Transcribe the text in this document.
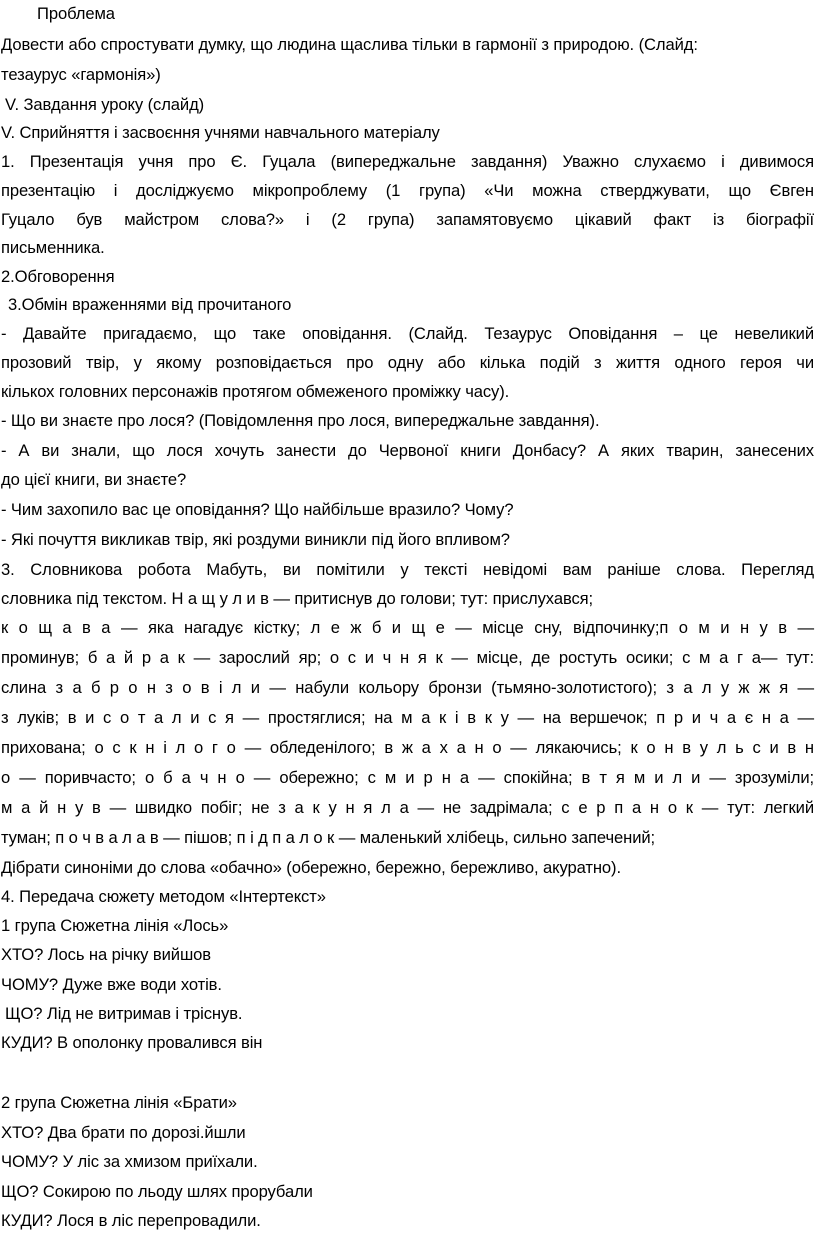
Проблема
Довести або спростувати думку, що людина щаслива тільки в гармонії з природою. (Слайд:
тезаурус «гармонія»)
V. Завдання уроку (слайд)
V. Сприйняття і засвоєння учнями навчального матеріалу
1. Презентація учня про Є. Гуцала (випереджальне завдання) Уважно слухаємо і дивимося
презентацію і досліджуємо мікропроблему (1 група) «Чи можна стверджувати, що Євген
Гуцало був майстром слова?» і (2 група) запамятовуємо цікавий факт із біографії
письменника.
2.Обговорення
3.Обмін враженнями від прочитаного
- Давайте пригадаємо, що таке оповідання. (Слайд. Тезаурус Оповідання – це невеликий
прозовий твір, у якому розповідається про одну або кілька подій з життя одного героя чи
кількох головних персонажів протягом обмеженого проміжку часу).
- Що ви знаєте про лося? (Повідомлення про лося, випереджальне завдання).
- А ви знали, що лося хочуть занести до Червоної книги Донбасу? А яких тварин, занесених
до цієї книги, ви знаєте?
- Чим захопило вас це оповідання? Що найбільше вразило? Чому?
- Які почуття викликав твір, які роздуми виникли під його впливом?
3. Словникова робота Мабуть, ви помітили у тексті невідомі вам раніше слова. Перегляд
словника під текстом. Н а щ у л и в — притиснув до голови; тут: прислухався;
к о щ а в а — яка нагадує кістку; л е ж б и щ е — місце сну, відпочинку;п о м и н у в —
проминув; б а й р а к — зарослий яр; о с и ч н я к — місце, де ростуть осики; с м а г а— тут:
слина з а б р о н з о в і л и — набули кольору бронзи (тьмяно-золотистого); з а л у ж ж я —
з луків; в и с о т а л и с я — простяглися; на м а к і в к у — на вершечок; п р и ч а є н а —
прихована; о с к н і л о г о — обледенілого; в ж а х а н о — лякаючись; к о н в у л ь с и в н
о — поривчасто; о б а ч н о — обережно; с м и р н а — спокійна; в т я м и л и — зрозуміли;
м а й н у в — швидко побіг; не з а к у н я л а — не задрімала; с е р п а н о к — тут: легкий
туман; п о ч в а л а в — пішов; п і д п а л о к — маленький хлібець, сильно запечений;
Дібрати синоніми до слова «обачно» (обережно, бережно, бережливо, акуратно).
4. Передача сюжету методом «Інтертекст»
1 група Сюжетна лінія «Лось»
ХТО? Лось на річку вийшов
ЧОМУ? Дуже вже води хотів.
ЩО? Лід не витримав і тріснув.
КУДИ? В ополонку провалився він
2 група Сюжетна лінія «Брати»
ХТО? Два брати по дорозі.йшли
ЧОМУ? У ліс за хмизом приїхали.
ЩО? Сокирою по льоду шлях прорубали
КУДИ? Лося в ліс перепровадили.
